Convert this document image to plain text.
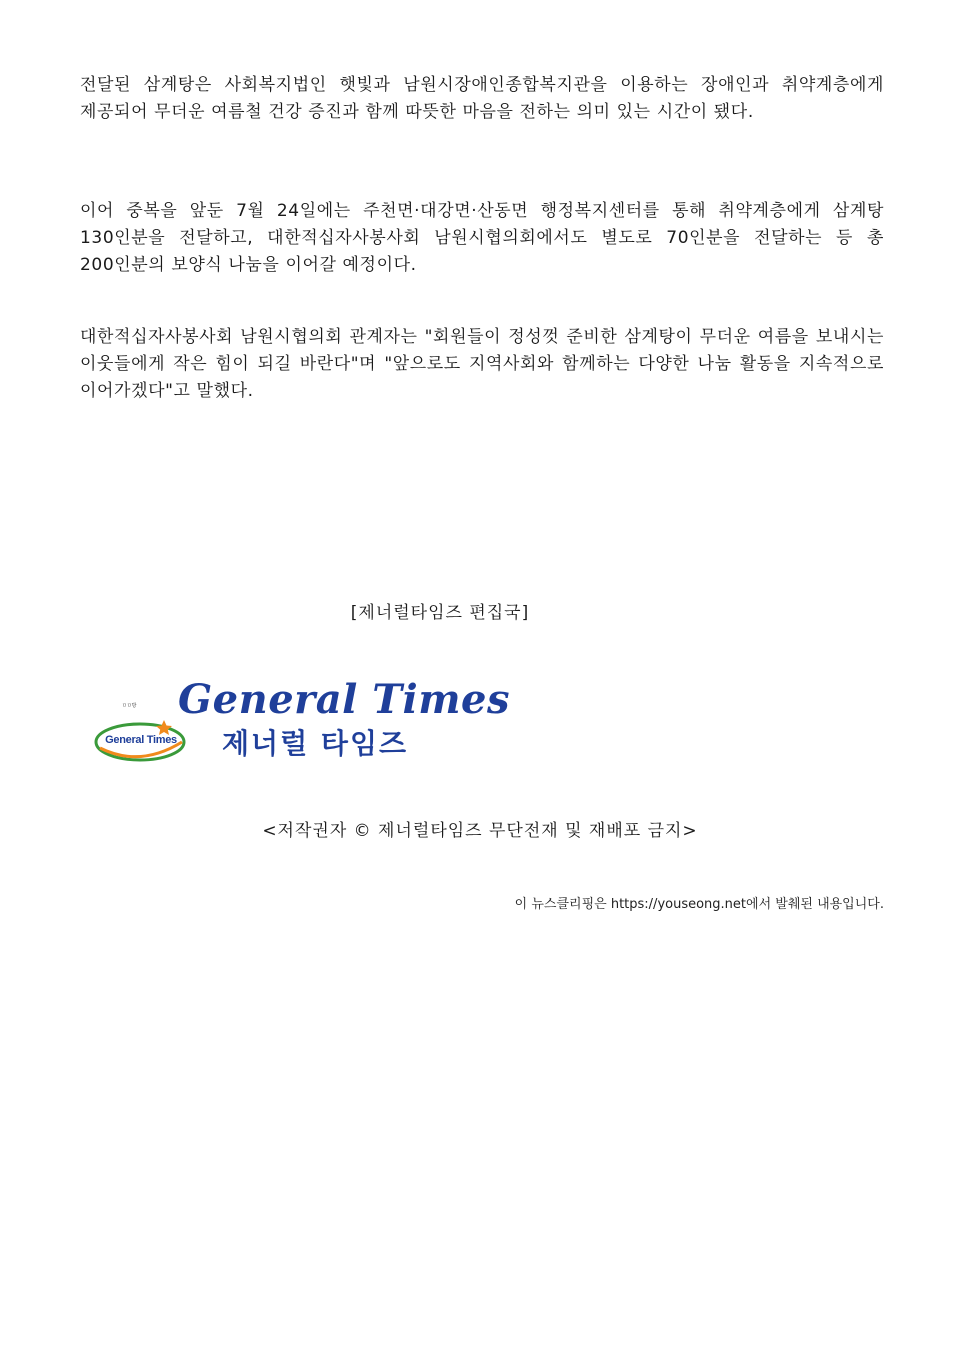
전달된 삼계탕은 사회복지법인 햇빛과 남원시장애인종합복지관을 이용하는 장애인과 취약계층에게 제공되어 무더운 여름철 건강 증진과 함께 따뜻한 마음을 전하는 의미 있는 시간이 됐다.

이어 중복을 앞둔 7월 24일에는 주천면·대강면·산동면 행정복지센터를 통해 취약계층에게 삼계탕 130인분을 전달하고, 대한적십자사봉사회 남원시협의회에서도 별도로 70인분을 전달하는 등 총 200인분의 보양식 나눔을 이어갈 예정이다.

대한적십자사봉사회 남원시협의회 관계자는 "회원들이 정성껏 준비한 삼계탕이 무더운 여름을 보내시는 이웃들에게 작은 힘이 되길 바란다"며 "앞으로도 지역사회와 함께하는 다양한 나눔 활동을 지속적으로 이어가겠다"고 말했다.

[제너럴타임즈 편집국]
ㅁㅁ방
General Times
General Times
제너럴 타임즈
<저작권자 © 제너럴타임즈 무단전재 및 재배포 금지>
이 뉴스클리핑은 https://youseong.net에서 발췌된 내용입니다.
